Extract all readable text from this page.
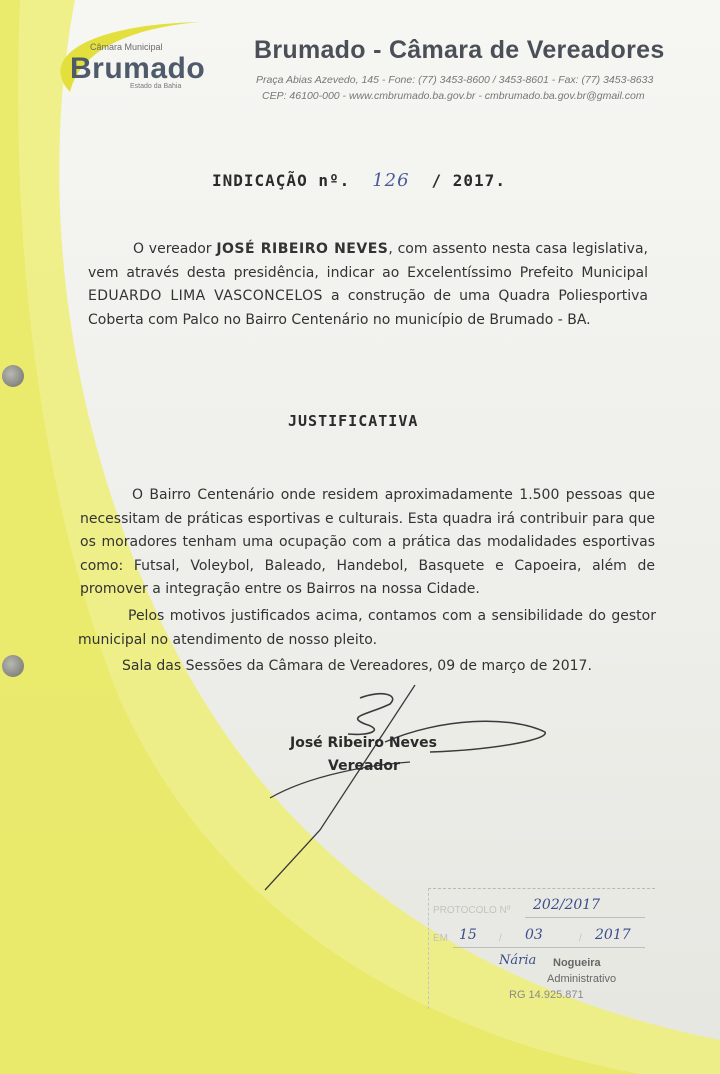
Câmara Municipal
Brumado
Estado da Bahia
Brumado - Câmara de Vereadores
Praça Abias Azevedo, 145 - Fone: (77) 3453-8600 / 3453-8601 - Fax: (77) 3453-8633
CEP: 46100-000 - www.cmbrumado.ba.gov.br - cmbrumado.ba.gov.br@gmail.com
INDICAÇÃO nº. 126 / 2017.
O vereador JOSÉ RIBEIRO NEVES, com assento nesta casa legislativa, vem através desta presidência, indicar ao Excelentíssimo Prefeito Municipal EDUARDO LIMA VASCONCELOS a construção de uma Quadra Poliesportiva Coberta com Palco no Bairro Centenário no município de Brumado - BA.
JUSTIFICATIVA
O Bairro Centenário onde residem aproximadamente 1.500 pessoas que necessitam de práticas esportivas e culturais. Esta quadra irá contribuir para que os moradores tenham uma ocupação com a prática das modalidades esportivas como: Futsal, Voleybol, Baleado, Handebol, Basquete e Capoeira, além de promover a integração entre os Bairros na nossa Cidade.
Pelos motivos justificados acima, contamos com a sensibilidade do gestor municipal no atendimento de nosso pleito.
Sala das Sessões da Câmara de Vereadores, 09 de março de 2017.
José Ribeiro Neves
Vereador
PROTOCOLO Nº 202/2017
EM 15 / 03	/ 2017
Nária Nogueira
Administrativo
RG 14.925.871
